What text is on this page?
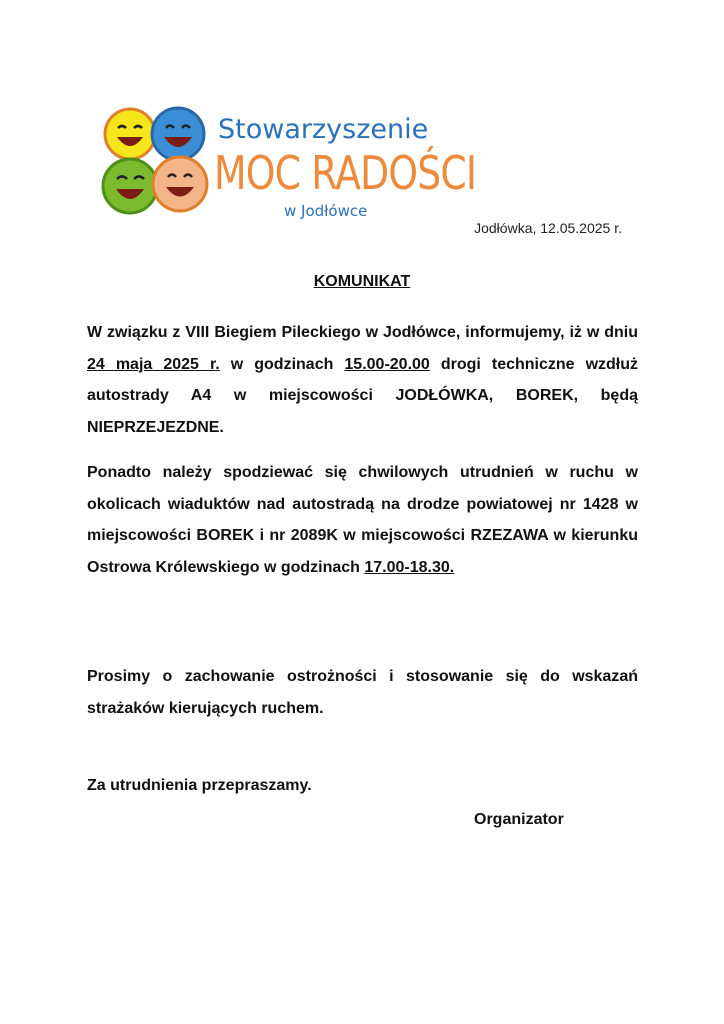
Stowarzyszenie
MOC RADOŚCI
w Jodłówce
Jodłówka, 12.05.2025 r.
KOMUNIKAT
W związku z VIII Biegiem Pileckiego w Jodłówce, informujemy, iż w dniu 24 maja 2025 r. w godzinach 15.00-20.00 drogi techniczne wzdłuż autostrady A4 w miejscowości JODŁÓWKA, BOREK, będą NIEPRZEJEZDNE.
Ponadto należy spodziewać się chwilowych utrudnień w ruchu w okolicach wiaduktów nad autostradą na drodze powiatowej nr 1428 w miejscowości BOREK i nr 2089K w miejscowości RZEZAWA w kierunku Ostrowa Królewskiego w godzinach 17.00-18.30.
Prosimy o zachowanie ostrożności i stosowanie się do wskazań strażaków kierujących ruchem.
Za utrudnienia przepraszamy.
Organizator
